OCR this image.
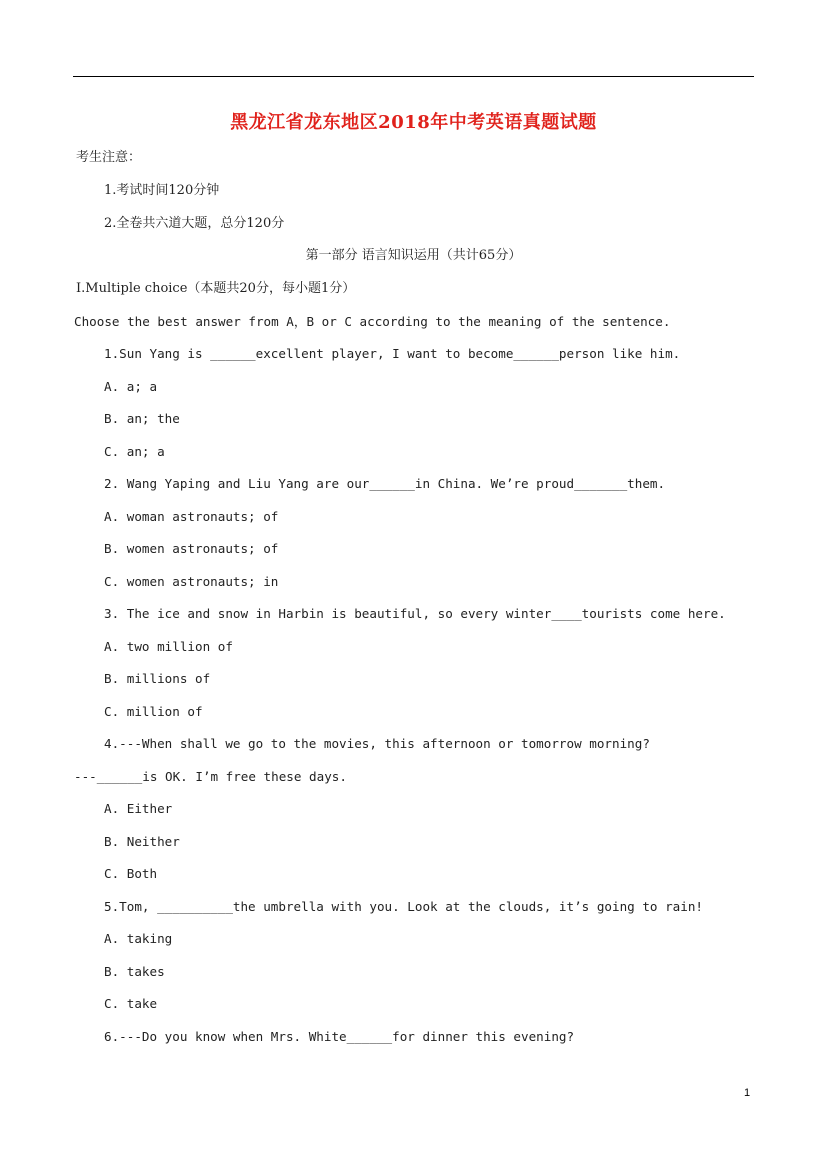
黑龙江省龙东地区2018年中考英语真题试题
考生注意：
1.考试时间120分钟
2.全卷共六道大题，总分120分
第一部分 语言知识运用（共计65分）
Ⅰ.Multiple choice（本题共20分，每小题1分）
Choose the best answer from A，B or C according to the meaning of the sentence.
1.Sun Yang is ______excellent player, I want to become______person like him.
A. a; a
B. an; the
C. an; a
2. Wang Yaping and Liu Yang are our______in China. We’re proud_______them.
A. woman astronauts; of
B. women astronauts; of
C. women astronauts; in
3. The ice and snow in Harbin is beautiful, so every winter____tourists come here.
A. two million of
B. millions of
C. million of
4.---When shall we go to the movies, this afternoon or tomorrow morning?
---______is OK. I’m free these days.
A. Either
B. Neither
C. Both
5.Tom, __________the umbrella with you. Look at the clouds, it’s going to rain!
A. taking
B. takes
C. take
6.---Do you know when Mrs. White______for dinner this evening?
1
